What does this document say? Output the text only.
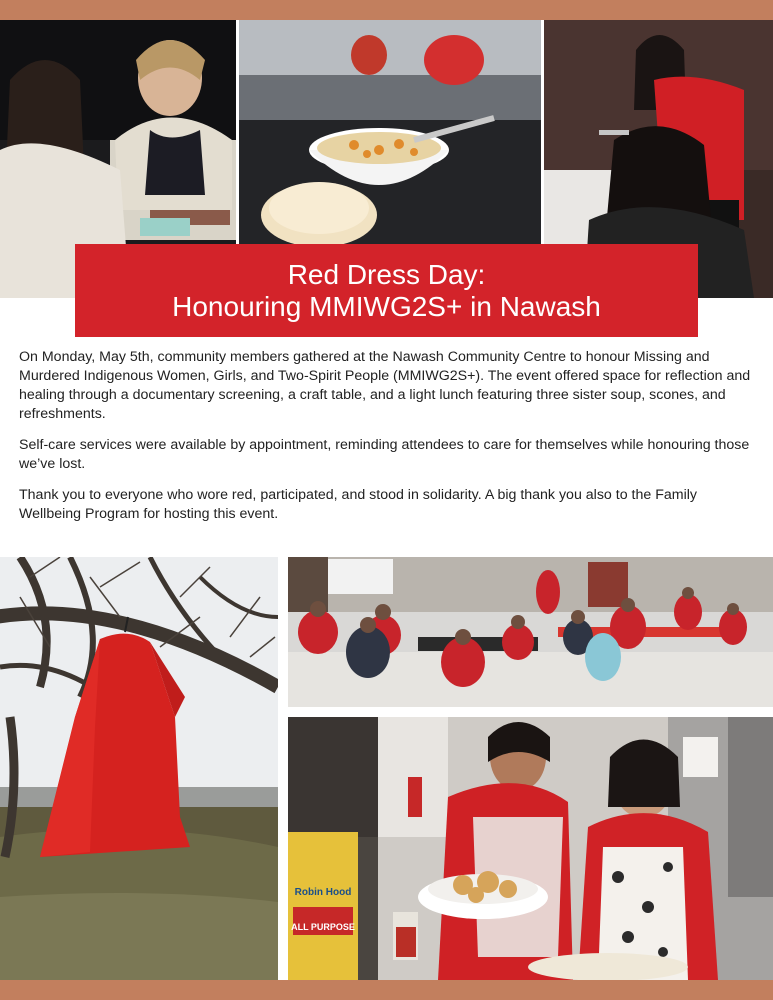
Red Dress Day:
Honouring MMIWG2S+ in Nawash

On Monday, May 5th, community members gathered at the Nawash Community Centre to honour Missing and Murdered Indigenous Women, Girls, and Two-Spirit People (MMIWG2S+). The event offered space for reflection and healing through a documentary screening, a craft table, and a light lunch featuring three sister soup, scones, and refreshments.

Self-care services were available by appointment, reminding attendees to care for themselves while honouring those we’ve lost.

Thank you to everyone who wore red, participated, and stood in solidarity. A big thank you also to the Family Wellbeing Program for hosting this event.

Robin Hood
ALL PURPOSE
